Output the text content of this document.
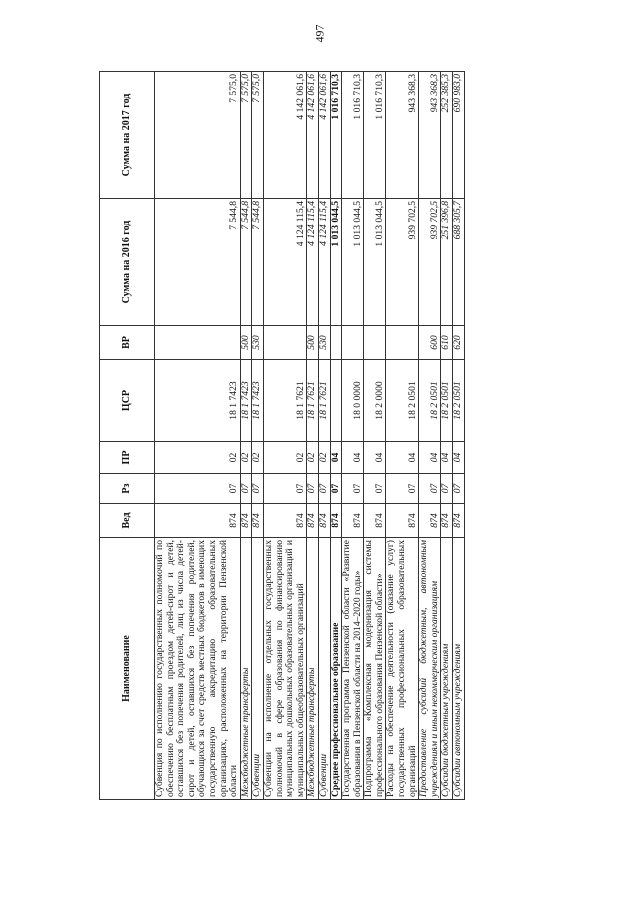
497
Наименование	Вед	Рз	ПР	ЦСР	ВР	Сумма на 2016 год	Сумма на 2017 год
Субвенция по исполнению государственных полномочий по обеспечению бесплатным проездом детей-сирот и детей, оставшихся без попечения родителей, лиц из числа детей-сирот и детей, оставшихся без попечения родителей, обучающихся за счет средств местных бюджетов в имеющих государственную аккредитацию образовательных организациях, расположенных на территории Пензенской области	874	07	02	18 1 7423		7 544,8	7 575,0
Межбюджетные трансферты	874	07	02	18 1 7423	500	7 544,8	7 575,0
Субвенции	874	07	02	18 1 7423	530	7 544,8	7 575,0
Субвенции на исполнение отдельных государственных полномочий в сфере образования по финансированию муниципальных дошкольных образовательных организаций и муниципальных общеобразовательных организаций	874	07	02	18 1 7621		4 124 115,4	4 142 061,6
Межбюджетные трансферты	874	07	02	18 1 7621	500	4 124 115,4	4 142 061,6
Субвенции	874	07	02	18 1 7621	530	4 124 115,4	4 142 061,6
Среднее профессиональное образование	874	07	04			1 013 044,5	1 016 710,3
Государственная программа Пензенской области «Развитие образования в Пензенской области на 2014–2020 годы»	874	07	04	18 0 0000		1 013 044,5	1 016 710,3
Подпрограмма «Комплексная модернизация системы профессионального образования Пензенской области»	874	07	04	18 2 0000		1 013 044,5	1 016 710,3
Расходы на обеспечение деятельности (оказание услуг) государственных профессиональных образовательных организаций	874	07	04	18 2 0501		939 702,5	943 368,3
Предоставление субсидий бюджетным, автономным учреждениям и иным некоммерческим организациям	874	07	04	18 2 0501	600	939 702,5	943 368,3
Субсидии бюджетным учреждениям	874	07	04	18 2 0501	610	251 396,8	252 385,3
Субсидии автономным учреждениям	874	07	04	18 2 0501	620	688 305,7	690 983,0
